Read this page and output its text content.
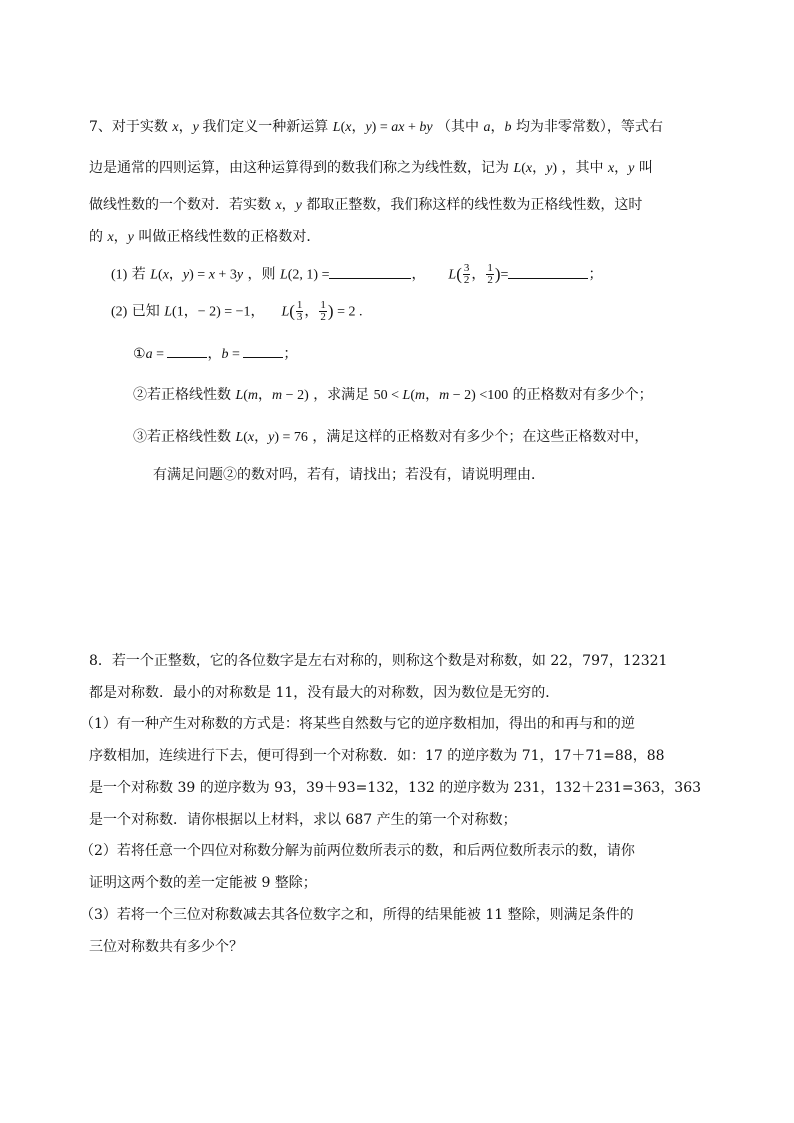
7、对于实数 x，y 我们定义一种新运算 L(x，y) = ax + by （其中 a，b 均为非零常数），等式右
边是通常的四则运算，由这种运算得到的数我们称之为线性数，记为 L(x，y) ，其中 x，y 叫
做线性数的一个数对．若实数 x，y 都取正整数，我们称这样的线性数为正格线性数，这时
的 x，y 叫做正格线性数的正格数对．
(1) 若 L(x，y) = x + 3y ，则 L(2, 1) =	， $L( \frac{3}{2}$ ， $\frac{1}{2}$ )=	；
(2) 已知 L(1，− 2) = −1， $L( \frac{1}{3}$ ， $\frac{1}{2}$ ) = 2 .
①a =	，b =	；
②若正格线性数 L(m，m − 2) ，求满足 50 < L(m，m − 2) <100 的正格数对有多少个；
③若正格线性数 L(x，y) = 76 ，满足这样的正格数对有多少个；在这些正格数对中，
有满足问题②的数对吗，若有，请找出；若没有，请说明理由．
8．若一个正整数，它的各位数字是左右对称的，则称这个数是对称数，如 22，797，12321
都是对称数．最小的对称数是 11，没有最大的对称数，因为数位是无穷的．
（1）有一种产生对称数的方式是：将某些自然数与它的逆序数相加，得出的和再与和的逆
序数相加，连续进行下去，便可得到一个对称数．如：17 的逆序数为 71，17＋71=88，88
是一个对称数 39 的逆序数为 93，39＋93=132，132 的逆序数为 231，132＋231=363，363
是一个对称数．请你根据以上材料，求以 687 产生的第一个对称数；
（2）若将任意一个四位对称数分解为前两位数所表示的数，和后两位数所表示的数，请你
证明这两个数的差一定能被 9 整除；
（3）若将一个三位对称数减去其各位数字之和，所得的结果能被 11 整除，则满足条件的
三位对称数共有多少个？
